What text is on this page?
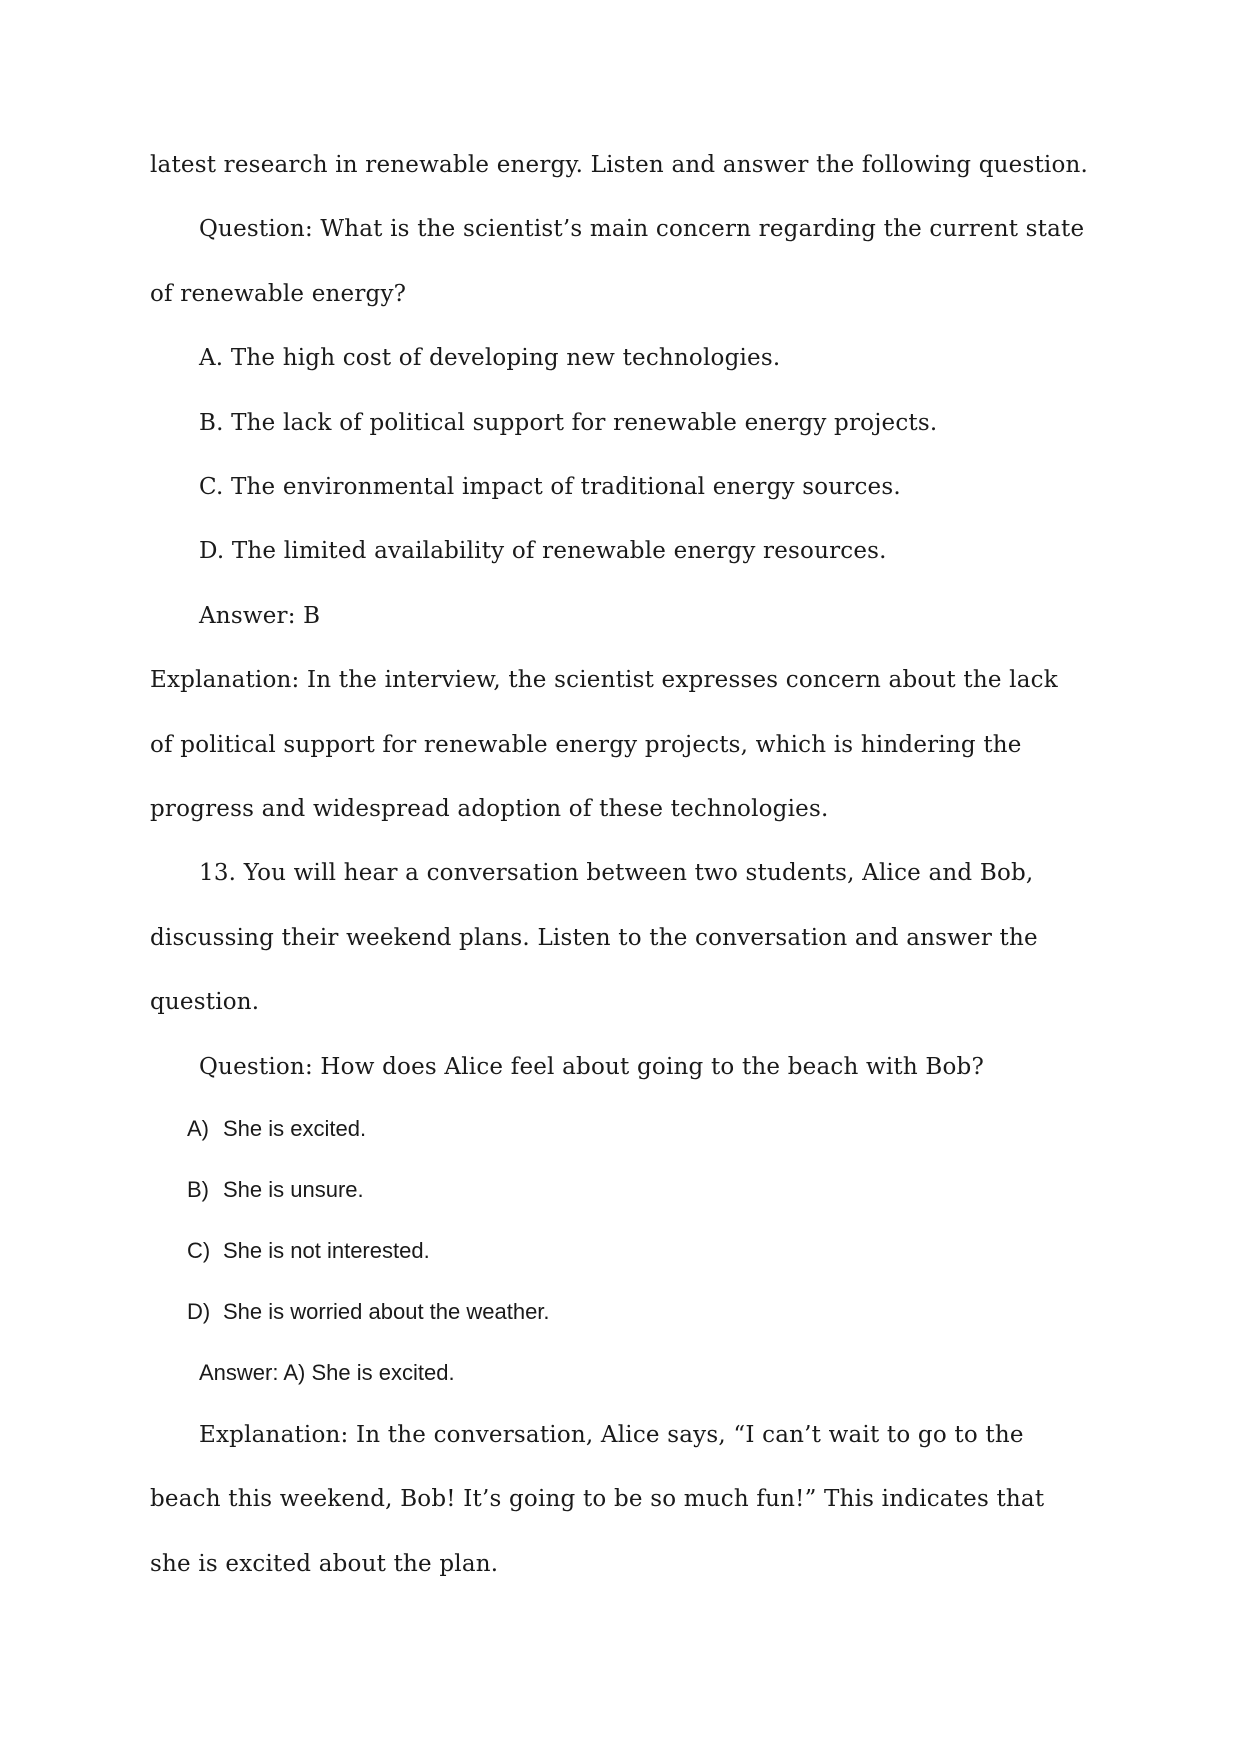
latest research in renewable energy. Listen and answer the following question.
Question: What is the scientist’s main concern regarding the current state
of renewable energy?
A. The high cost of developing new technologies.
B. The lack of political support for renewable energy projects.
C. The environmental impact of traditional energy sources.
D. The limited availability of renewable energy resources.
Answer: B
Explanation: In the interview, the scientist expresses concern about the lack
of political support for renewable energy projects, which is hindering the
progress and widespread adoption of these technologies.
13. You will hear a conversation between two students, Alice and Bob,
discussing their weekend plans. Listen to the conversation and answer the
question.
Question: How does Alice feel about going to the beach with Bob?
A) She is excited.
B) She is unsure.
C) She is not interested.
D) She is worried about the weather.
Answer: A) She is excited.
Explanation: In the conversation, Alice says, “I can’t wait to go to the
beach this weekend, Bob! It’s going to be so much fun!” This indicates that
she is excited about the plan.
